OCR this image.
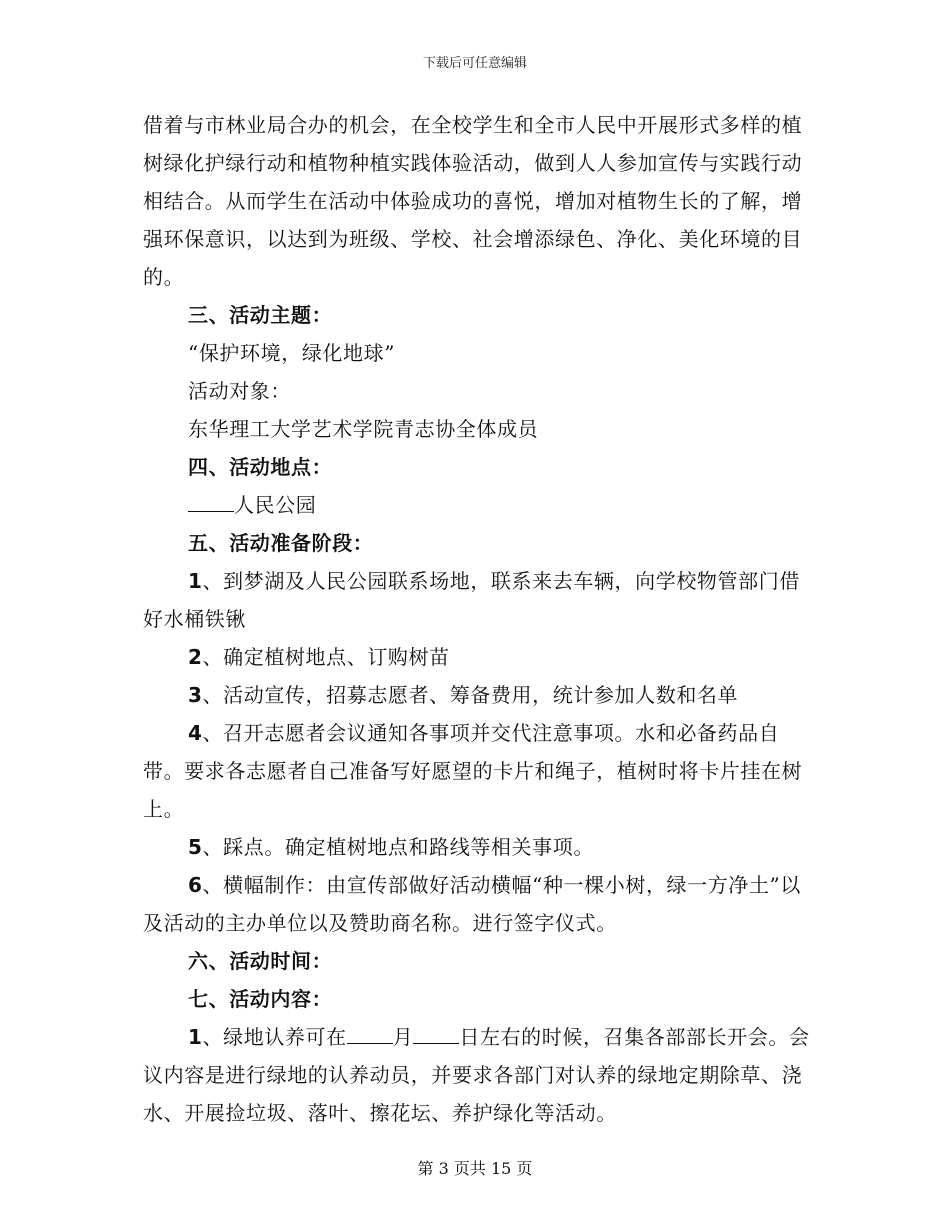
下载后可任意编辑

借着与市林业局合办的机会，在全校学生和全市人民中开展形式多样的植树绿化护绿行动和植物种植实践体验活动，做到人人参加宣传与实践行动相结合。从而学生在活动中体验成功的喜悦，增加对植物生长的了解，增强环保意识，以达到为班级、学校、社会增添绿色、净化、美化环境的目的。

三、活动主题：

“保护环境，绿化地球”

活动对象：

东华理工大学艺术学院青志协全体成员

四、活动地点：

人民公园

五、活动准备阶段：

1、到梦湖及人民公园联系场地，联系来去车辆，向学校物管部门借好水桶铁锹

2、确定植树地点、订购树苗

3、活动宣传，招募志愿者、筹备费用，统计参加人数和名单

4、召开志愿者会议通知各事项并交代注意事项。水和必备药品自带。要求各志愿者自己准备写好愿望的卡片和绳子，植树时将卡片挂在树上。

5、踩点。确定植树地点和路线等相关事项。

6、横幅制作：由宣传部做好活动横幅“种一棵小树，绿一方净土”以及活动的主办单位以及赞助商名称。进行签字仪式。

六、活动时间：

七、活动内容：

1、绿地认养可在 月 日左右的时候，召集各部部长开会。会议内容是进行绿地的认养动员，并要求各部门对认养的绿地定期除草、浇水、开展捡垃圾、落叶、擦花坛、养护绿化等活动。

第 3 页共 15 页
